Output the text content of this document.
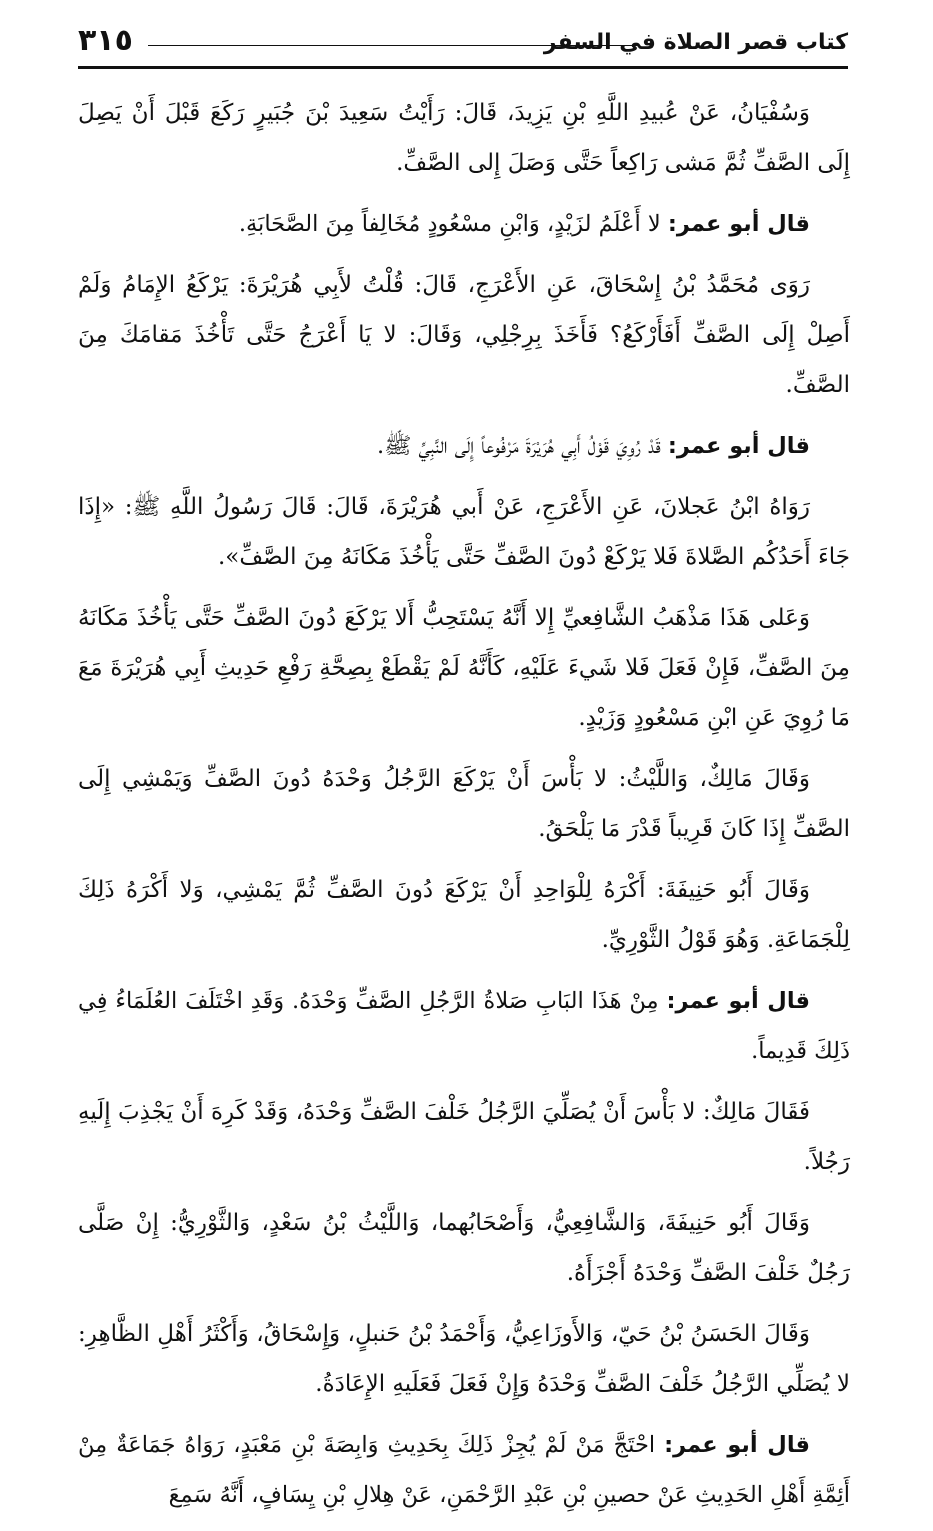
كتاب قصر الصلاة في السفر
٣١٥

وَسُفْيَانُ، عَنْ عُبيدِ اللَّهِ بْنِ يَزِيدَ، قَالَ: رَأَيْتُ سَعِيدَ بْنَ جُبَيرٍ رَكَعَ قَبْلَ أَنْ يَصِلَ إِلَى الصَّفِّ ثُمَّ مَشى رَاكِعاً حَتَّى وَصَلَ إِلى الصَّفِّ.

قال أبو عمر: لا أَعْلَمُ لزَيْدٍ، وَابْنِ مسْعُودٍ مُخَالِفاً مِنَ الصَّحَابَةِ.

رَوَى مُحَمَّدُ بْنُ إِسْحَاقَ، عَنِ الأَعْرَجِ، قَالَ: قُلْتُ لأَبِي هُرَيْرَةَ: يَرْكَعُ الإِمَامُ وَلَمْ أَصِلْ إِلَى الصَّفِّ أَفَأَرْكَعُ؟ فَأَخَذَ بِرِجْلِي، وَقَالَ: لا يَا أَعْرَجُ حَتَّى تَأْخُذَ مَقامَكَ مِنَ الصَّفِّ.

قال أبو عمر: قَدْ رُوِيَ قَوْلُ أَبِي هُرَيْرَةَ مَرْفُوعاً إِلَى النَّبِيِّ ﷺ.

رَوَاهُ ابْنُ عَجلانَ، عَنِ الأَعْرَجِ، عَنْ أَبي هُرَيْرَةَ، قَالَ: قَالَ رَسُولُ اللَّهِ ﷺ: «إِذَا جَاءَ أَحَدُكُم الصَّلاةَ فَلا يَرْكَعْ دُونَ الصَّفِّ حَتَّى يَأْخُذَ مَكَانَهُ مِنَ الصَّفِّ».

وَعَلى هَذَا مَذْهَبُ الشَّافِعيِّ إِلا أَنَّهُ يَسْتَحِبُّ أَلا يَرْكَعَ دُونَ الصَّفِّ حَتَّى يَأْخُذَ مَكَانَهُ مِنَ الصَّفِّ، فَإِنْ فَعَلَ فَلا شَيءَ عَلَيْهِ، كَأَنَّهُ لَمْ يَقْطَعْ بِصِحَّةِ رَفْعِ حَدِيثِ أَبِي هُرَيْرَةَ مَعَ مَا رُوِيَ عَنِ ابْنِ مَسْعُودٍ وَزَيْدٍ.

وَقَالَ مَالِكٌ، وَاللَّيْثُ: لا بَأْسَ أَنْ يَرْكَعَ الرَّجُلُ وَحْدَهُ دُونَ الصَّفِّ وَيَمْشِي إِلَى الصَّفِّ إِذَا كَانَ قَرِيباً قَدْرَ مَا يَلْحَقُ.

وَقَالَ أَبُو حَنِيفَةَ: أَكْرَهُ لِلْوَاحِدِ أَنْ يَرْكَعَ دُونَ الصَّفِّ ثُمَّ يَمْشِي، وَلا أَكْرَهُ ذَلِكَ لِلْجَمَاعَةِ. وَهُوَ قَوْلُ الثَّوْرِيِّ.

قال أبو عمر: مِنْ هَذَا البَابِ صَلاةُ الرَّجُلِ الصَّفِّ وَحْدَهُ. وَقَدِ اخْتَلَفَ العُلَمَاءُ فِي ذَلِكَ قَدِيماً.

فَقَالَ مَالِكٌ: لا بَأْسَ أَنْ يُصَلِّيَ الرَّجُلُ خَلْفَ الصَّفِّ وَحْدَهُ، وَقَدْ كَرِهَ أَنْ يَجْذِبَ إِلَيهِ رَجُلاً.

وَقَالَ أَبُو حَنِيفَةَ، وَالشَّافِعِيُّ، وَأَصْحَابُهما، وَاللَّيْثُ بْنُ سَعْدٍ، وَالثَّوْرِيُّ: إِنْ صَلَّى رَجُلٌ خَلْفَ الصَّفِّ وَحْدَهُ أَجْزَأَهُ.

وَقَالَ الحَسَنُ بْنُ حَيّ، وَالأَوزَاعِيُّ، وَأَحْمَدُ بْنُ حَنبلٍ، وَإِسْحَاقُ، وَأَكْثَرُ أَهْلِ الظَّاهِرِ: لا يُصَلِّي الرَّجُلُ خَلْفَ الصَّفِّ وَحْدَهُ وَإِنْ فَعَلَ فَعَلَيهِ الإِعَادَةُ.

قال أبو عمر: احْتَجَّ مَنْ لَمْ يُجِزْ ذَلِكَ بِحَدِيثِ وَابِصَةَ بْنِ مَعْبَدٍ، رَوَاهُ جَمَاعَةٌ مِنْ أَئِمَّةِ أَهْلِ الحَدِيثِ عَنْ حصينِ بْنِ عَبْدِ الرَّحْمَنِ، عَنْ هِلالِ بْنِ يِسَافٍ، أَنَّهُ سَمِعَ
